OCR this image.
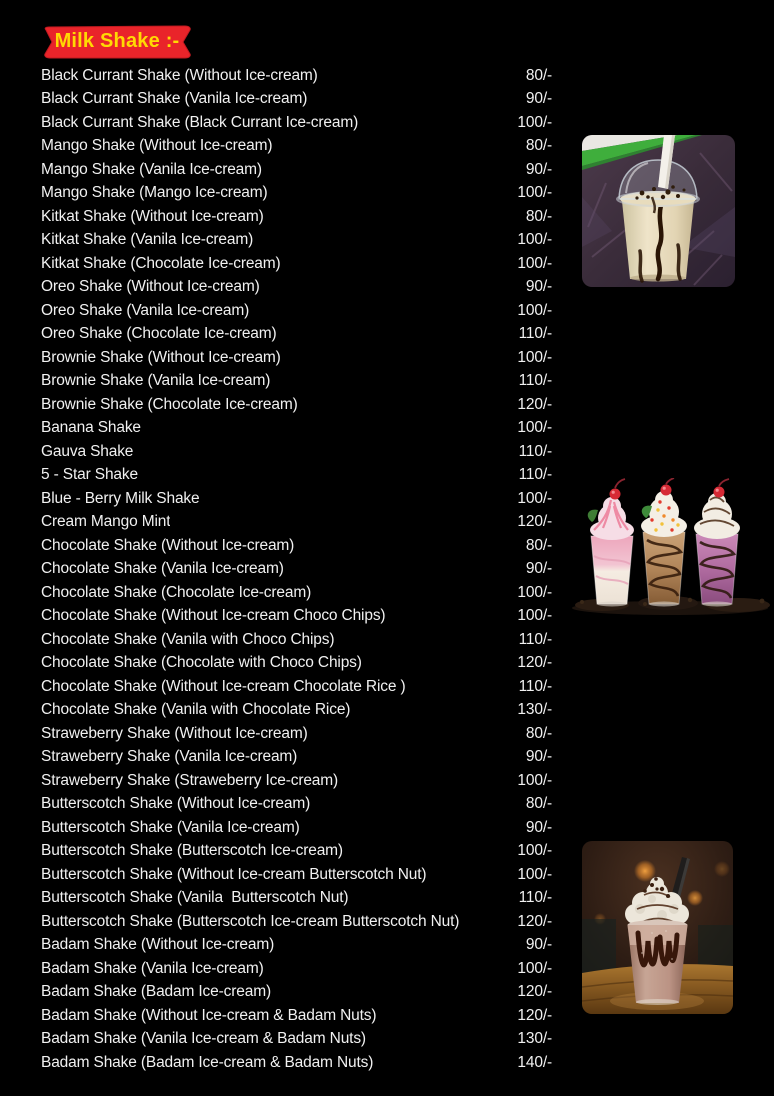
Milk Shake :-
Black Currant Shake (Without Ice-cream)	80/-
Black Currant Shake (Vanila Ice-cream)	90/-
Black Currant Shake (Black Currant Ice-cream)	100/-
Mango Shake (Without Ice-cream)	80/-
Mango Shake (Vanila Ice-cream)	90/-
Mango Shake (Mango Ice-cream)	100/-
Kitkat Shake (Without Ice-cream)	80/-
Kitkat Shake (Vanila Ice-cream)	100/-
Kitkat Shake (Chocolate Ice-cream)	100/-
Oreo Shake (Without Ice-cream)	90/-
Oreo Shake (Vanila Ice-cream)	100/-
Oreo Shake (Chocolate Ice-cream)	110/-
Brownie Shake (Without Ice-cream)	100/-
Brownie Shake (Vanila Ice-cream)	110/-
Brownie Shake (Chocolate Ice-cream)	120/-
Banana Shake	100/-
Gauva Shake	110/-
5 - Star Shake	110/-
Blue - Berry Milk Shake	100/-
Cream Mango Mint	120/-
Chocolate Shake (Without Ice-cream)	80/-
Chocolate Shake (Vanila Ice-cream)	90/-
Chocolate Shake (Chocolate Ice-cream)	100/-
Chocolate Shake (Without Ice-cream Choco Chips)	100/-
Chocolate Shake (Vanila with Choco Chips)	110/-
Chocolate Shake (Chocolate with Choco Chips)	120/-
Chocolate Shake (Without Ice-cream Chocolate Rice )	110/-
Chocolate Shake (Vanila with Chocolate Rice)	130/-
Straweberry Shake (Without Ice-cream)	80/-
Straweberry Shake (Vanila Ice-cream)	90/-
Straweberry Shake (Straweberry Ice-cream)	100/-
Butterscotch Shake (Without Ice-cream)	80/-
Butterscotch Shake (Vanila Ice-cream)	90/-
Butterscotch Shake (Butterscotch Ice-cream)	100/-
Butterscotch Shake (Without Ice-cream Butterscotch Nut)	100/-
Butterscotch Shake (Vanila  Butterscotch Nut)	110/-
Butterscotch Shake (Butterscotch Ice-cream Butterscotch Nut)	120/-
Badam Shake (Without Ice-cream)	90/-
Badam Shake (Vanila Ice-cream)	100/-
Badam Shake (Badam Ice-cream)	120/-
Badam Shake (Without Ice-cream & Badam Nuts)	120/-
Badam Shake (Vanila Ice-cream & Badam Nuts)	130/-
Badam Shake (Badam Ice-cream & Badam Nuts)	140/-
